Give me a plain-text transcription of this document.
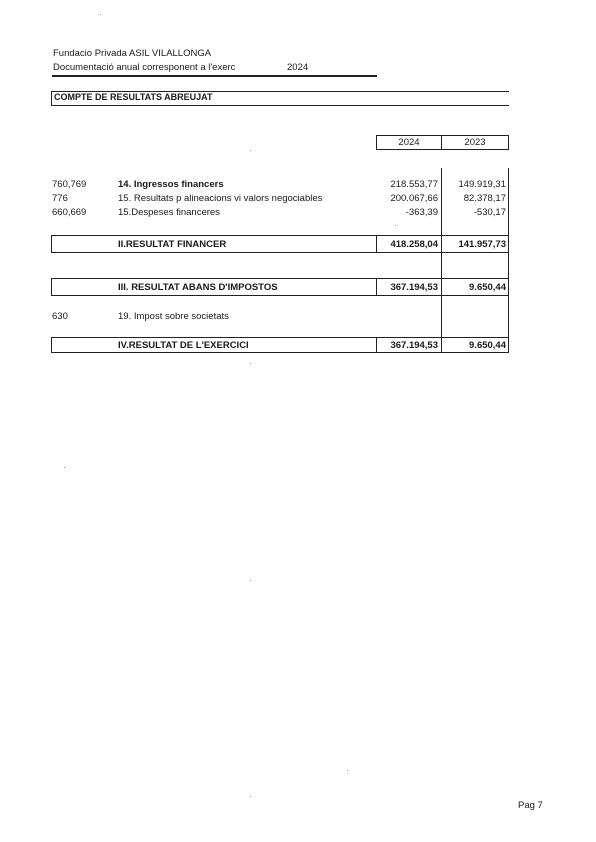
Fundacio Privada ASIL VILALLONGA
Documentació anual corresponent a l'exerc	2024
COMPTE DE RESULTATS ABREUJAT
2024	2023
760,769	14. Ingressos financers	218.553,77	149.919,31
776	15. Resultats p alineacions vi valors negociables	200.067,66	82.378,17
660,669	15.Despeses financeres	-363,39	-530,17
II.RESULTAT FINANCER	418.258,04	141.957,73
III. RESULTAT ABANS D'IMPOSTOS	367.194,53	9.650,44
630	19. Impost sobre societats
IV.RESULTAT DE L'EXERCICI	367.194,53	9.650,44
Pag 7
